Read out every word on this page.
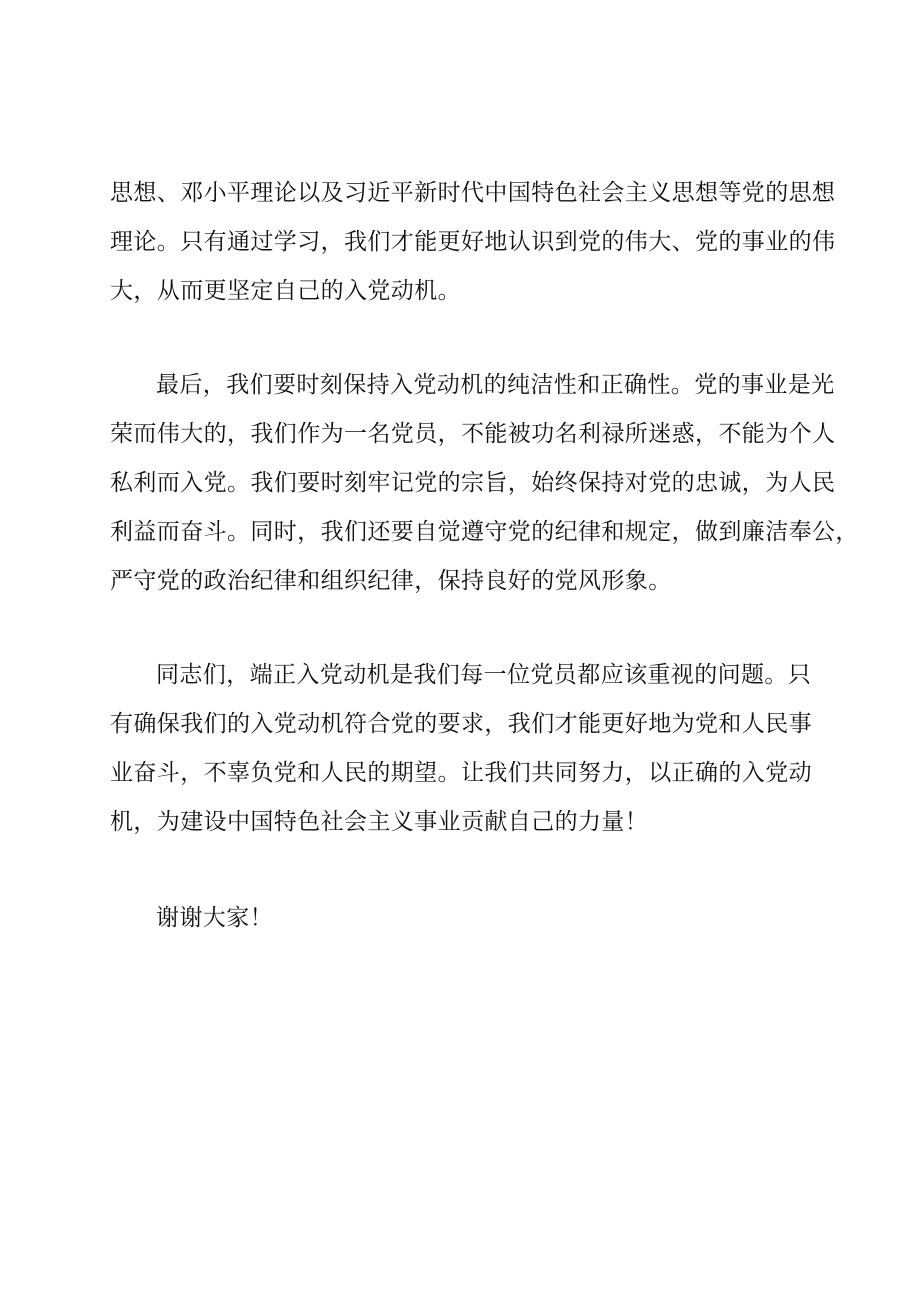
思想、邓小平理论以及习近平新时代中国特色社会主义思想等党的思想
理论。只有通过学习，我们才能更好地认识到党的伟大、党的事业的伟
大，从而更坚定自己的入党动机。
最后，我们要时刻保持入党动机的纯洁性和正确性。党的事业是光
荣而伟大的，我们作为一名党员，不能被功名利禄所迷惑，不能为个人
私利而入党。我们要时刻牢记党的宗旨，始终保持对党的忠诚，为人民
利益而奋斗。同时，我们还要自觉遵守党的纪律和规定，做到廉洁奉公，
严守党的政治纪律和组织纪律，保持良好的党风形象。
同志们，端正入党动机是我们每一位党员都应该重视的问题。只
有确保我们的入党动机符合党的要求，我们才能更好地为党和人民事
业奋斗，不辜负党和人民的期望。让我们共同努力，以正确的入党动
机，为建设中国特色社会主义事业贡献自己的力量！
谢谢大家！
